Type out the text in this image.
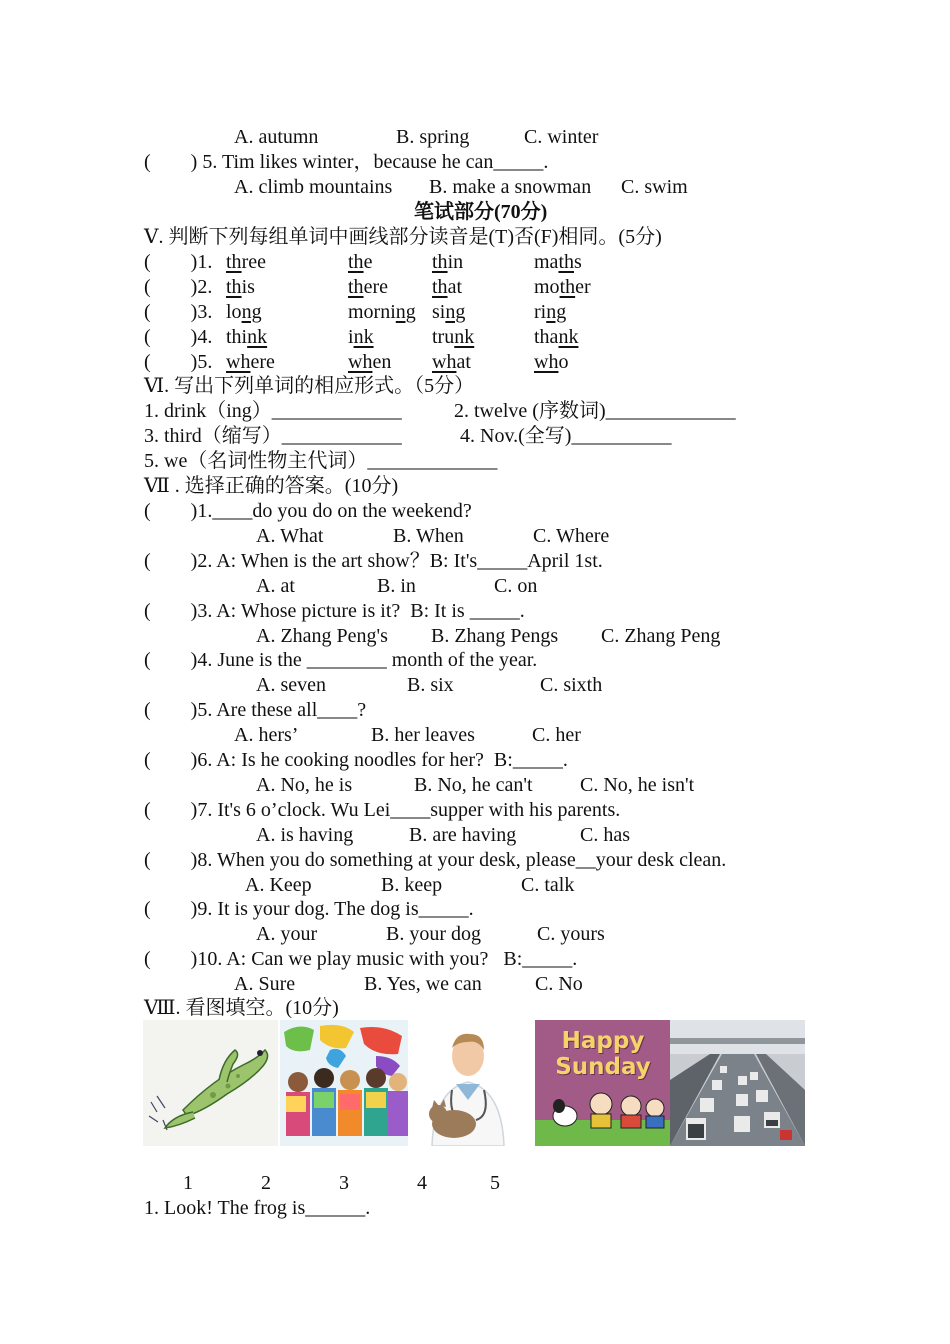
A. autumn	B. spring	C. winter
(        ) 5. Tim likes winter，because he can_____.
A. climb mountains B. make a snowman C. swim
笔试部分(70分)
Ⅴ. 判断下列每组单词中画线部分读音是(T)否(F)相同。(5分)
(        )1. three	the	thin	maths
(        )2. this	there that	mother
(        )3. long	morning sing	ring
(        )4. think	ink	trunk	thank
(        )5. where	when what	who
Ⅵ. 写出下列单词的相应形式。（5分）
1. drink（ing）_____________	2. twelve (序数词)_____________
3. third（缩写）____________	4. Nov.(全写)__________
5. we（名词性物主代词）_____________
Ⅶ . 选择正确的答案。(10分)
(        )1.____do you do on the weekend?
A. What	B. When	C. Where
(        )2. A: When is the art show？B: It's_____April 1st.
A. at	B. in	C. on
(        )3. A: Whose picture is it?  B: It is _____.
A. Zhang Peng's B. Zhang Pengs C. Zhang Peng
(        )4. June is the ________ month of the year.
A. seven	B. six	C. sixth
(        )5. Are these all____?
A. hers’	B. her leaves	C. her
(        )6. A: Is he cooking noodles for her?  B:_____.
A. No, he is	B. No, he can't C. No, he isn't
(        )7. It's 6 o’clock. Wu Lei____supper with his parents.
A. is having	B. are having	C. has
(        )8. When you do something at your desk, please__your desk clean.
A. Keep	B. keep	C. talk
(        )9. It is your dog. The dog is_____.
A. your	B. your dog	C. yours
(        )10. A: Can we play music with you?   B:_____.
A. Sure	B. Yes, we can	C. No
Ⅷ. 看图填空。(10分)
Happy Sunday
1	2	3	4	5
1. Look! The frog is______.
